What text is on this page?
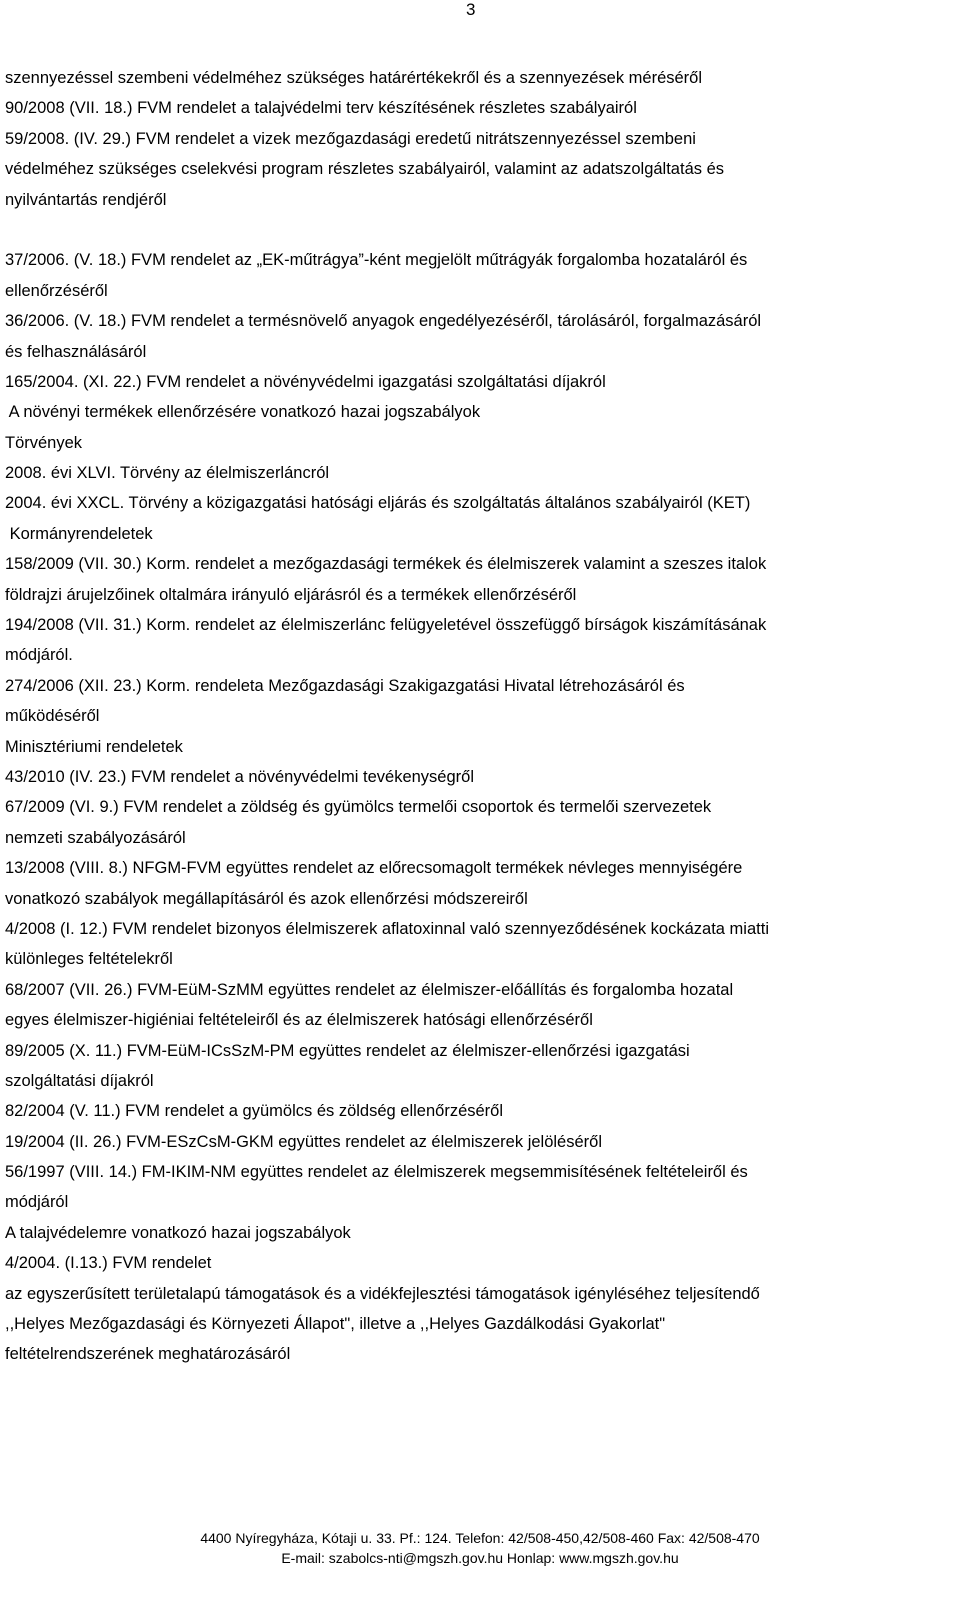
3
szennyezéssel szembeni védelméhez szükséges határértékekről és a szennyezések méréséről
90/2008 (VII. 18.) FVM rendelet a talajvédelmi terv készítésének részletes szabályairól
59/2008. (IV. 29.) FVM rendelet a vizek mezőgazdasági eredetű nitrátszennyezéssel szembeni
védelméhez szükséges cselekvési program részletes szabályairól, valamint az adatszolgáltatás és
nyilvántartás rendjéről
37/2006. (V. 18.) FVM rendelet az „EK-műtrágya”-ként megjelölt műtrágyák forgalomba hozataláról és
ellenőrzéséről
36/2006. (V. 18.) FVM rendelet a termésnövelő anyagok engedélyezéséről, tárolásáról, forgalmazásáról
és felhasználásáról
165/2004. (XI. 22.) FVM rendelet a növényvédelmi igazgatási szolgáltatási díjakról
A növényi termékek ellenőrzésére vonatkozó hazai jogszabályok
Törvények
2008. évi XLVI. Törvény az élelmiszerláncról
2004. évi XXCL. Törvény a közigazgatási hatósági eljárás és szolgáltatás általános szabályairól (KET)
Kormányrendeletek
158/2009 (VII. 30.) Korm. rendelet a mezőgazdasági termékek és élelmiszerek valamint a szeszes italok
földrajzi árujelzőinek oltalmára irányuló eljárásról és a termékek ellenőrzéséről
194/2008 (VII. 31.) Korm. rendelet az élelmiszerlánc felügyeletével összefüggő bírságok kiszámításának
módjáról.
274/2006 (XII. 23.) Korm. rendeleta Mezőgazdasági Szakigazgatási Hivatal létrehozásáról és
működéséről
Minisztériumi rendeletek
43/2010 (IV. 23.) FVM rendelet a növényvédelmi tevékenységről
67/2009 (VI. 9.) FVM rendelet a zöldség és gyümölcs termelői csoportok és termelői szervezetek
nemzeti szabályozásáról
13/2008 (VIII. 8.) NFGM-FVM együttes rendelet az előrecsomagolt termékek névleges mennyiségére
vonatkozó szabályok megállapításáról és azok ellenőrzési módszereiről
4/2008 (I. 12.) FVM rendelet bizonyos élelmiszerek aflatoxinnal való szennyeződésének kockázata miatti
különleges feltételekről
68/2007 (VII. 26.) FVM-EüM-SzMM együttes rendelet az élelmiszer-előállítás és forgalomba hozatal
egyes élelmiszer-higiéniai feltételeiről és az élelmiszerek hatósági ellenőrzéséről
89/2005 (X. 11.) FVM-EüM-ICsSzM-PM együttes rendelet az élelmiszer-ellenőrzési igazgatási
szolgáltatási díjakról
82/2004 (V. 11.) FVM rendelet a gyümölcs és zöldség ellenőrzéséről
19/2004 (II. 26.) FVM-ESzCsM-GKM együttes rendelet az élelmiszerek jelöléséről
56/1997 (VIII. 14.) FM-IKIM-NM együttes rendelet az élelmiszerek megsemmisítésének feltételeiről és
módjáról
A talajvédelemre vonatkozó hazai jogszabályok
4/2004. (I.13.) FVM rendelet
az egyszerűsített területalapú támogatások és a vidékfejlesztési támogatások igényléséhez teljesítendő
,,Helyes Mezőgazdasági és Környezeti Állapot", illetve a ,,Helyes Gazdálkodási Gyakorlat"
feltételrendszerének meghatározásáról
4400 Nyíregyháza, Kótaji u. 33. Pf.: 124. Telefon: 42/508-450,42/508-460 Fax: 42/508-470
E-mail: szabolcs-nti@mgszh.gov.hu Honlap: www.mgszh.gov.hu
